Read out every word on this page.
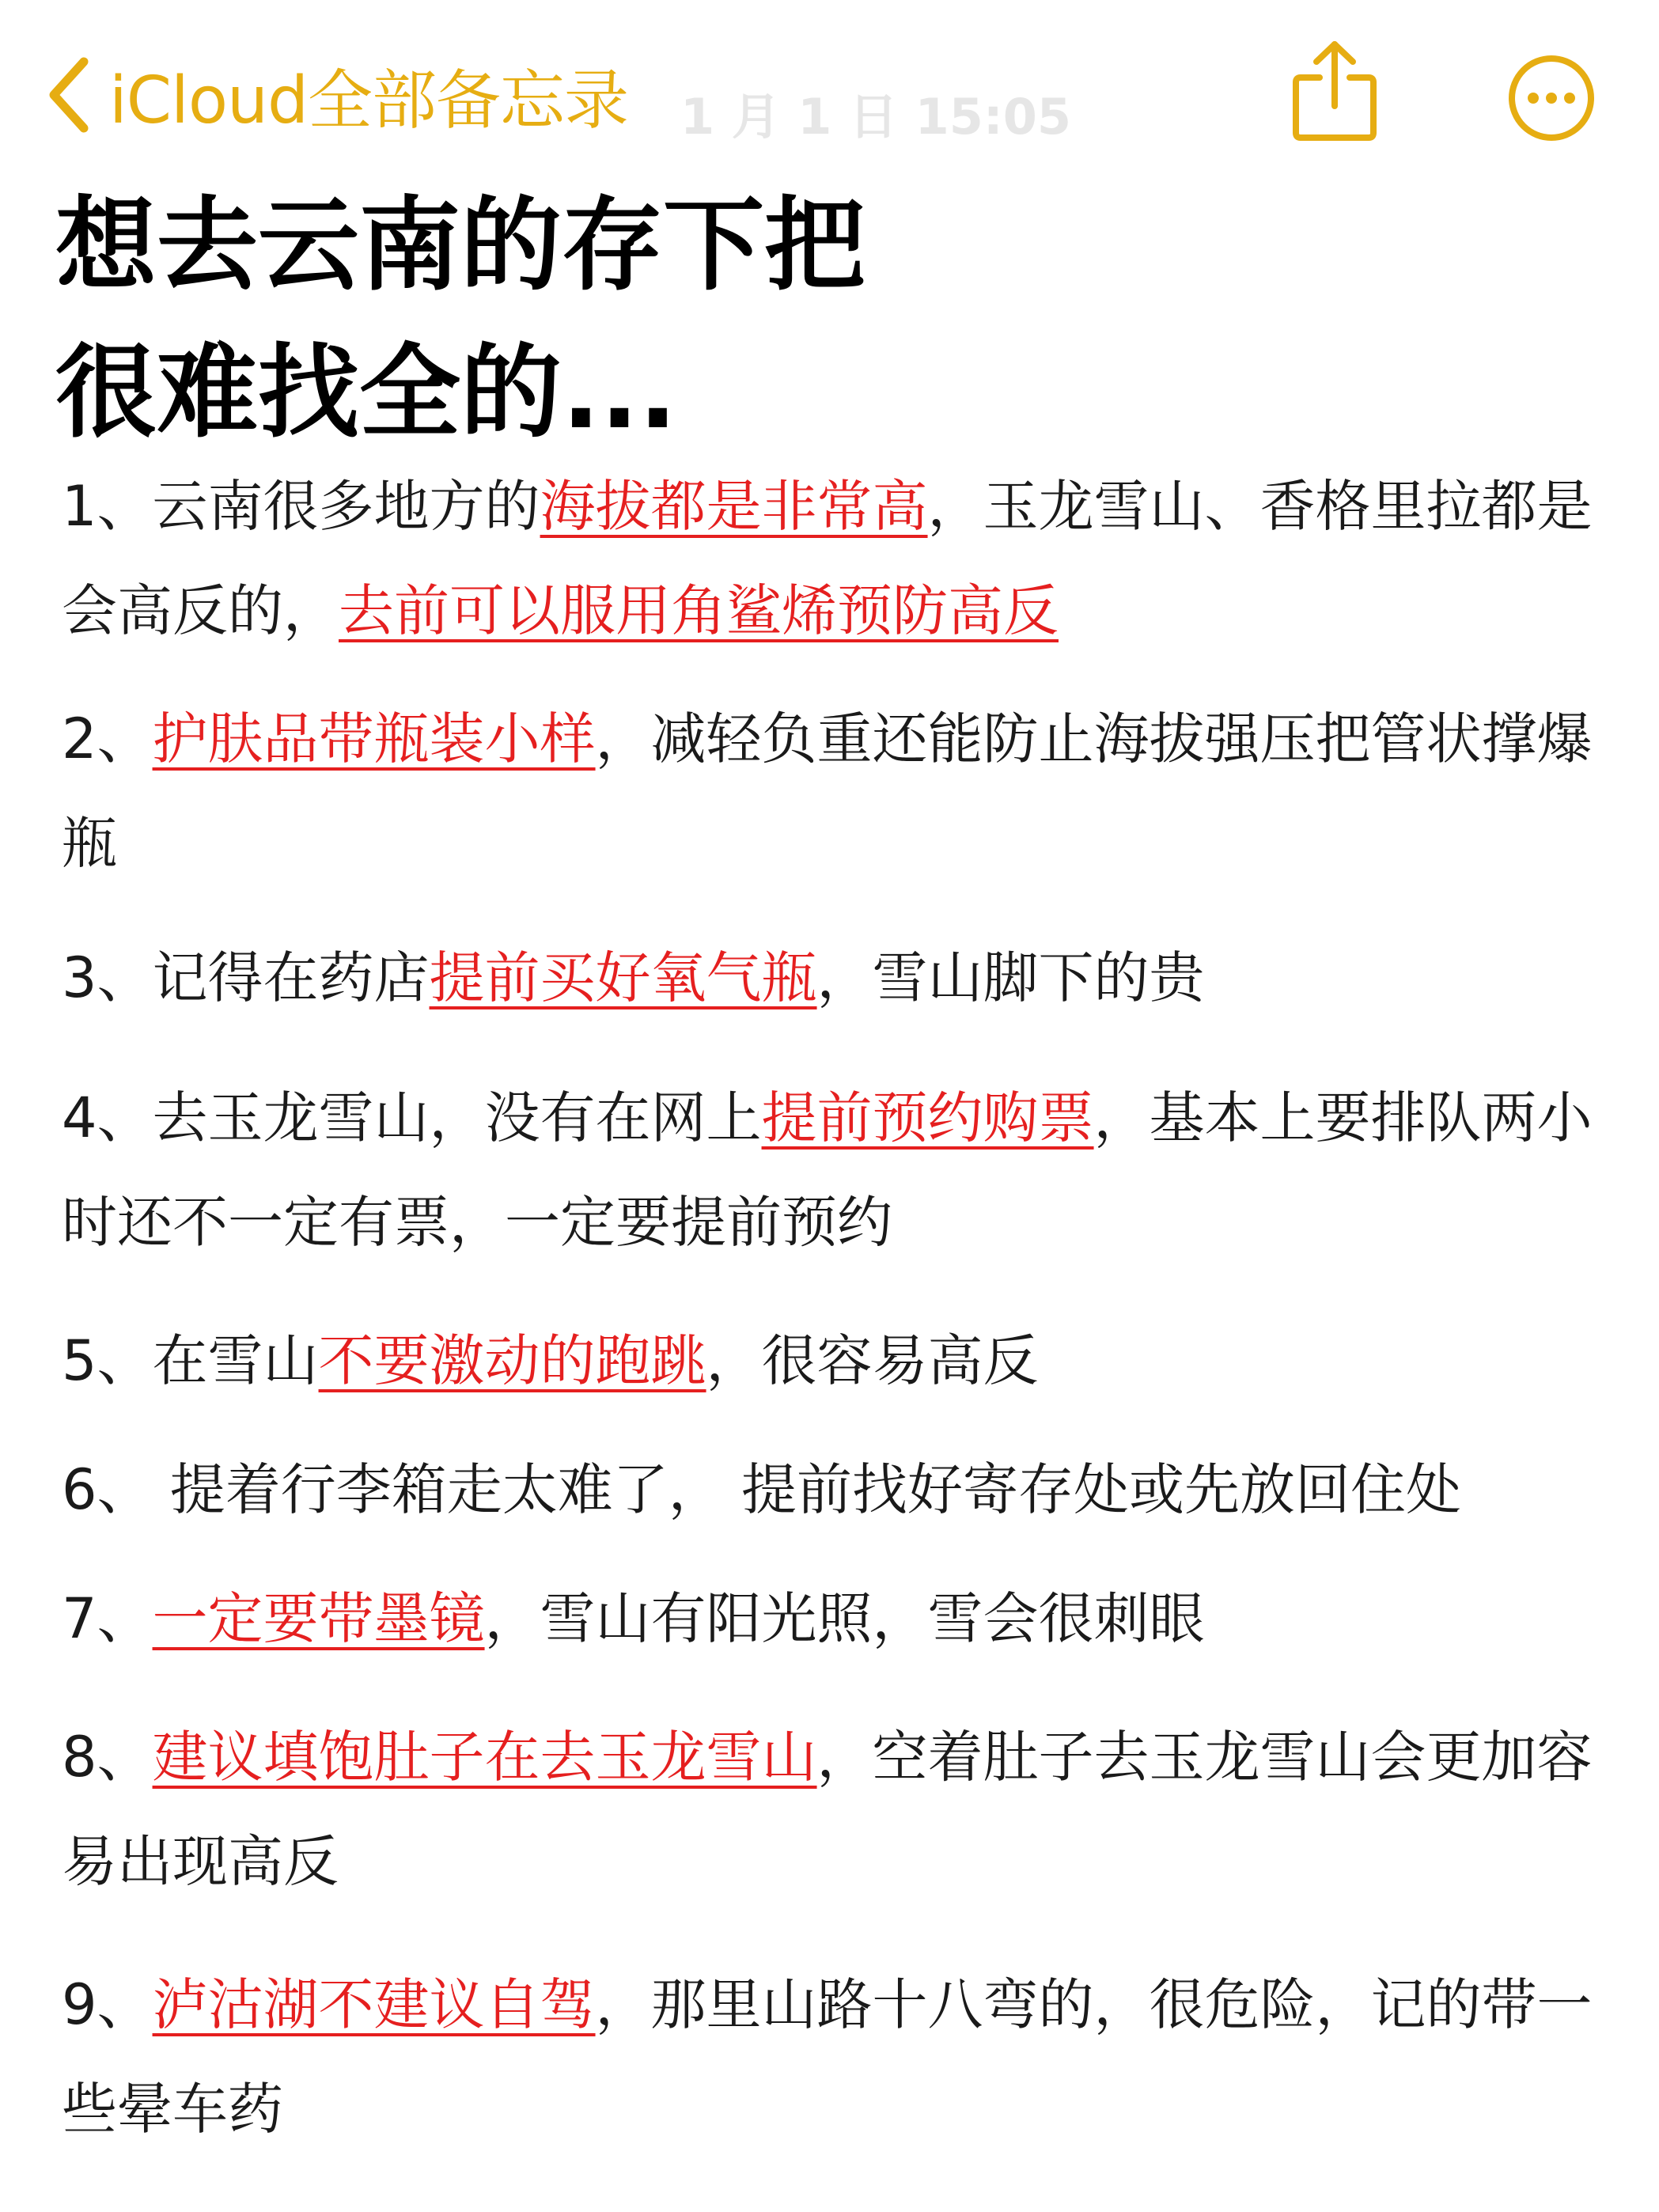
iCloud全部备忘录 1 月 1 日 15:05
想去云南的存下把
很难找全的...

1、云南很多地方的海拔都是非常高，玉龙雪山、香格里拉都是会高反的，去前可以服用角鲨烯预防高反

2、护肤品带瓶装小样，减轻负重还能防止海拔强压把管状撑爆瓶

3、记得在药店提前买好氧气瓶，雪山脚下的贵

4、去玉龙雪山，没有在网上提前预约购票，基本上要排队两小时还不一定有票，一定要提前预约

5、在雪山不要激动的跑跳，很容易高反

6、 提着行李箱走太难了， 提前找好寄存处或先放回住处

7、一定要带墨镜，雪山有阳光照，雪会很刺眼

8、建议填饱肚子在去玉龙雪山，空着肚子去玉龙雪山会更加容易出现高反

9、泸沽湖不建议自驾，那里山路十八弯的，很危险，记的带一些晕车药
